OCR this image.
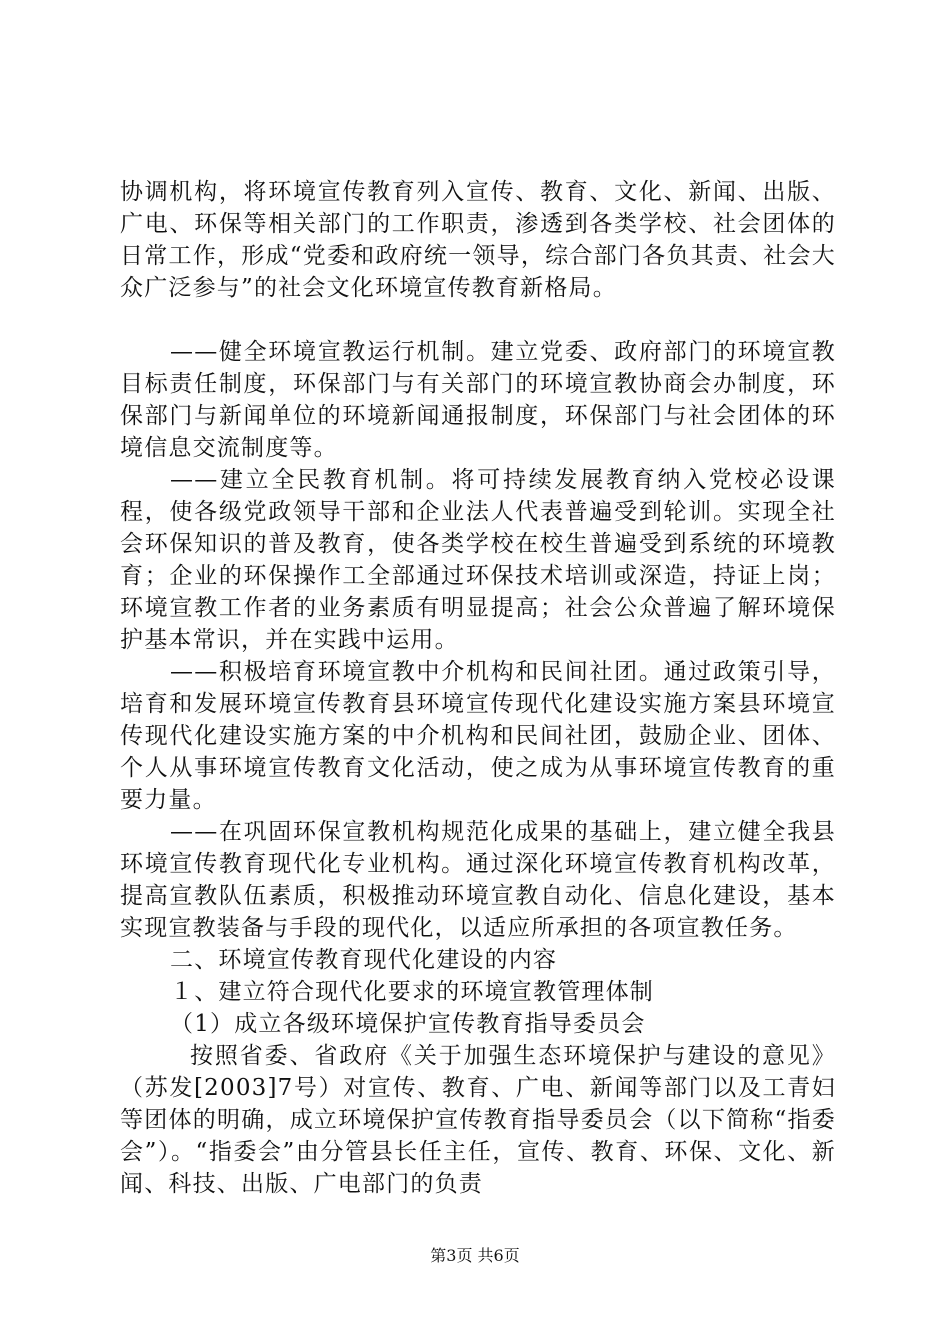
协调机构，将环境宣传教育列入宣传、教育、文化、新闻、出版、广电、环保等相关部门的工作职责，渗透到各类学校、社会团体的日常工作，形成“党委和政府统一领导，综合部门各负其责、社会大众广泛参与”的社会文化环境宣传教育新格局。

——健全环境宣教运行机制。建立党委、政府部门的环境宣教目标责任制度，环保部门与有关部门的环境宣教协商会办制度，环保部门与新闻单位的环境新闻通报制度，环保部门与社会团体的环境信息交流制度等。

——建立全民教育机制。将可持续发展教育纳入党校必设课程，使各级党政领导干部和企业法人代表普遍受到轮训。实现全社会环保知识的普及教育，使各类学校在校生普遍受到系统的环境教育；企业的环保操作工全部通过环保技术培训或深造，持证上岗；环境宣教工作者的业务素质有明显提高；社会公众普遍了解环境保护基本常识，并在实践中运用。

——积极培育环境宣教中介机构和民间社团。通过政策引导，培育和发展环境宣传教育县环境宣传现代化建设实施方案县环境宣传现代化建设实施方案的中介机构和民间社团，鼓励企业、团体、个人从事环境宣传教育文化活动，使之成为从事环境宣传教育的重要力量。

——在巩固环保宣教机构规范化成果的基础上，建立健全我县环境宣传教育现代化专业机构。通过深化环境宣传教育机构改革，提高宣教队伍素质，积极推动环境宣教自动化、信息化建设，基本实现宣教装备与手段的现代化，以适应所承担的各项宣教任务。

二、环境宣传教育现代化建设的内容

１、建立符合现代化要求的环境宣教管理体制

（1）成立各级环境保护宣传教育指导委员会

按照省委、省政府《关于加强生态环境保护与建设的意见》（苏发[2003]7号）对宣传、教育、广电、新闻等部门以及工青妇等团体的明确，成立环境保护宣传教育指导委员会（以下简称“指委会”）。“指委会”由分管县长任主任，宣传、教育、环保、文化、新闻、科技、出版、广电部门的负责

第3页 共6页
